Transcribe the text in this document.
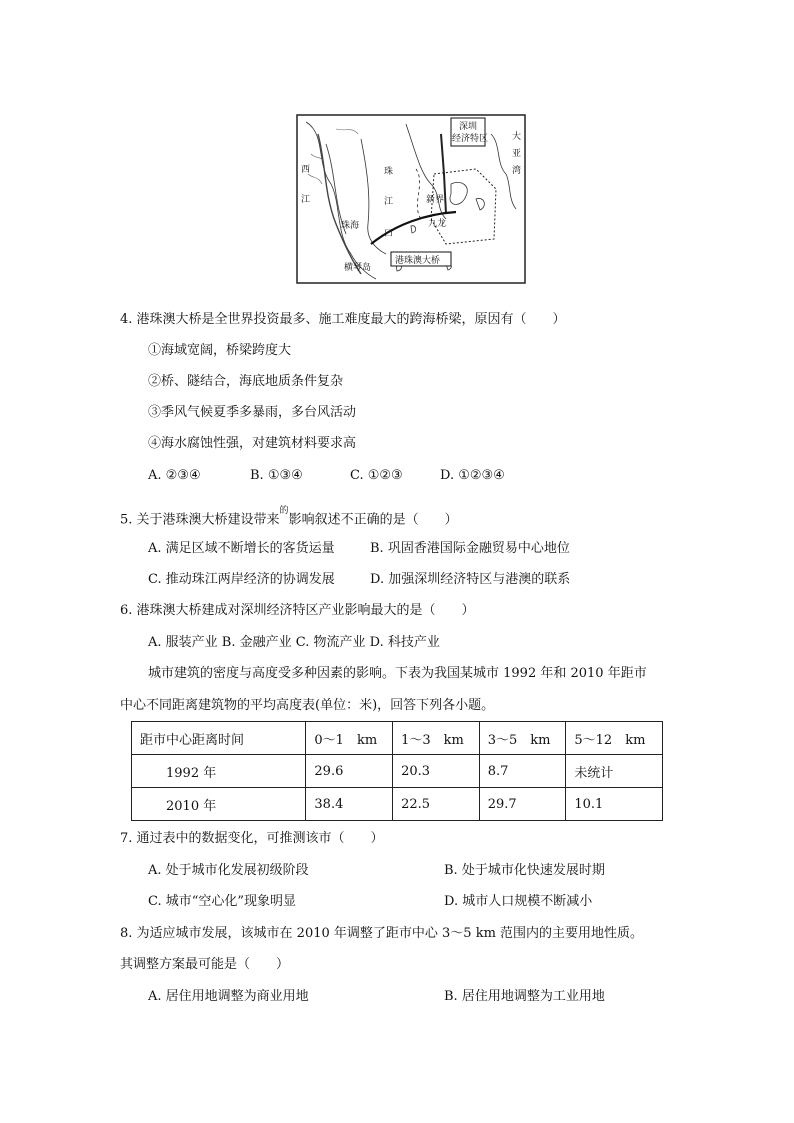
西
江
珠
江
口
珠海
横琴岛
新界
九龙
深圳
经济特区	大
亚
湾
港珠澳大桥
4. 港珠澳大桥是全世界投资最多、施工难度最大的跨海桥梁，原因有（　　）
①海域宽阔，桥梁跨度大
②桥、隧结合，海底地质条件复杂
③季风气候夏季多暴雨，多台风活动
④海水腐蚀性强，对建筑材料要求高
A. ②③④	B. ①③④	C. ①②③	D. ①②③④
5. 关于港珠澳大桥建设带来$^的$影响叙述不正确的是（　　）
A. 满足区域不断增长的客货运量	B. 巩固香港国际金融贸易中心地位
C. 推动珠江两岸经济的协调发展	D. 加强深圳经济特区与港澳的联系
6. 港珠澳大桥建成对深圳经济特区产业影响最大的是（　　）
A. 服装产业 B. 金融产业 C. 物流产业 D. 科技产业
城市建筑的密度与高度受多种因素的影响。下表为我国某城市 1992 年和 2010 年距市
中心不同距离建筑物的平均高度表(单位：米)，回答下列各小题。
距市中心距离时间	0～1　km	1～3　km	3～5　km	5～12　km
1992 年	29.6	20.3	8.7	未统计
2010 年	38.4	22.5	29.7	10.1
7. 通过表中的数据变化，可推测该市（　　）
A. 处于城市化发展初级阶段	B. 处于城市化快速发展时期
C. 城市“空心化”现象明显	D. 城市人口规模不断减小
8. 为适应城市发展，该城市在 2010 年调整了距市中心 3～5 km 范围内的主要用地性质。
其调整方案最可能是（　　）
A. 居住用地调整为商业用地	B. 居住用地调整为工业用地
